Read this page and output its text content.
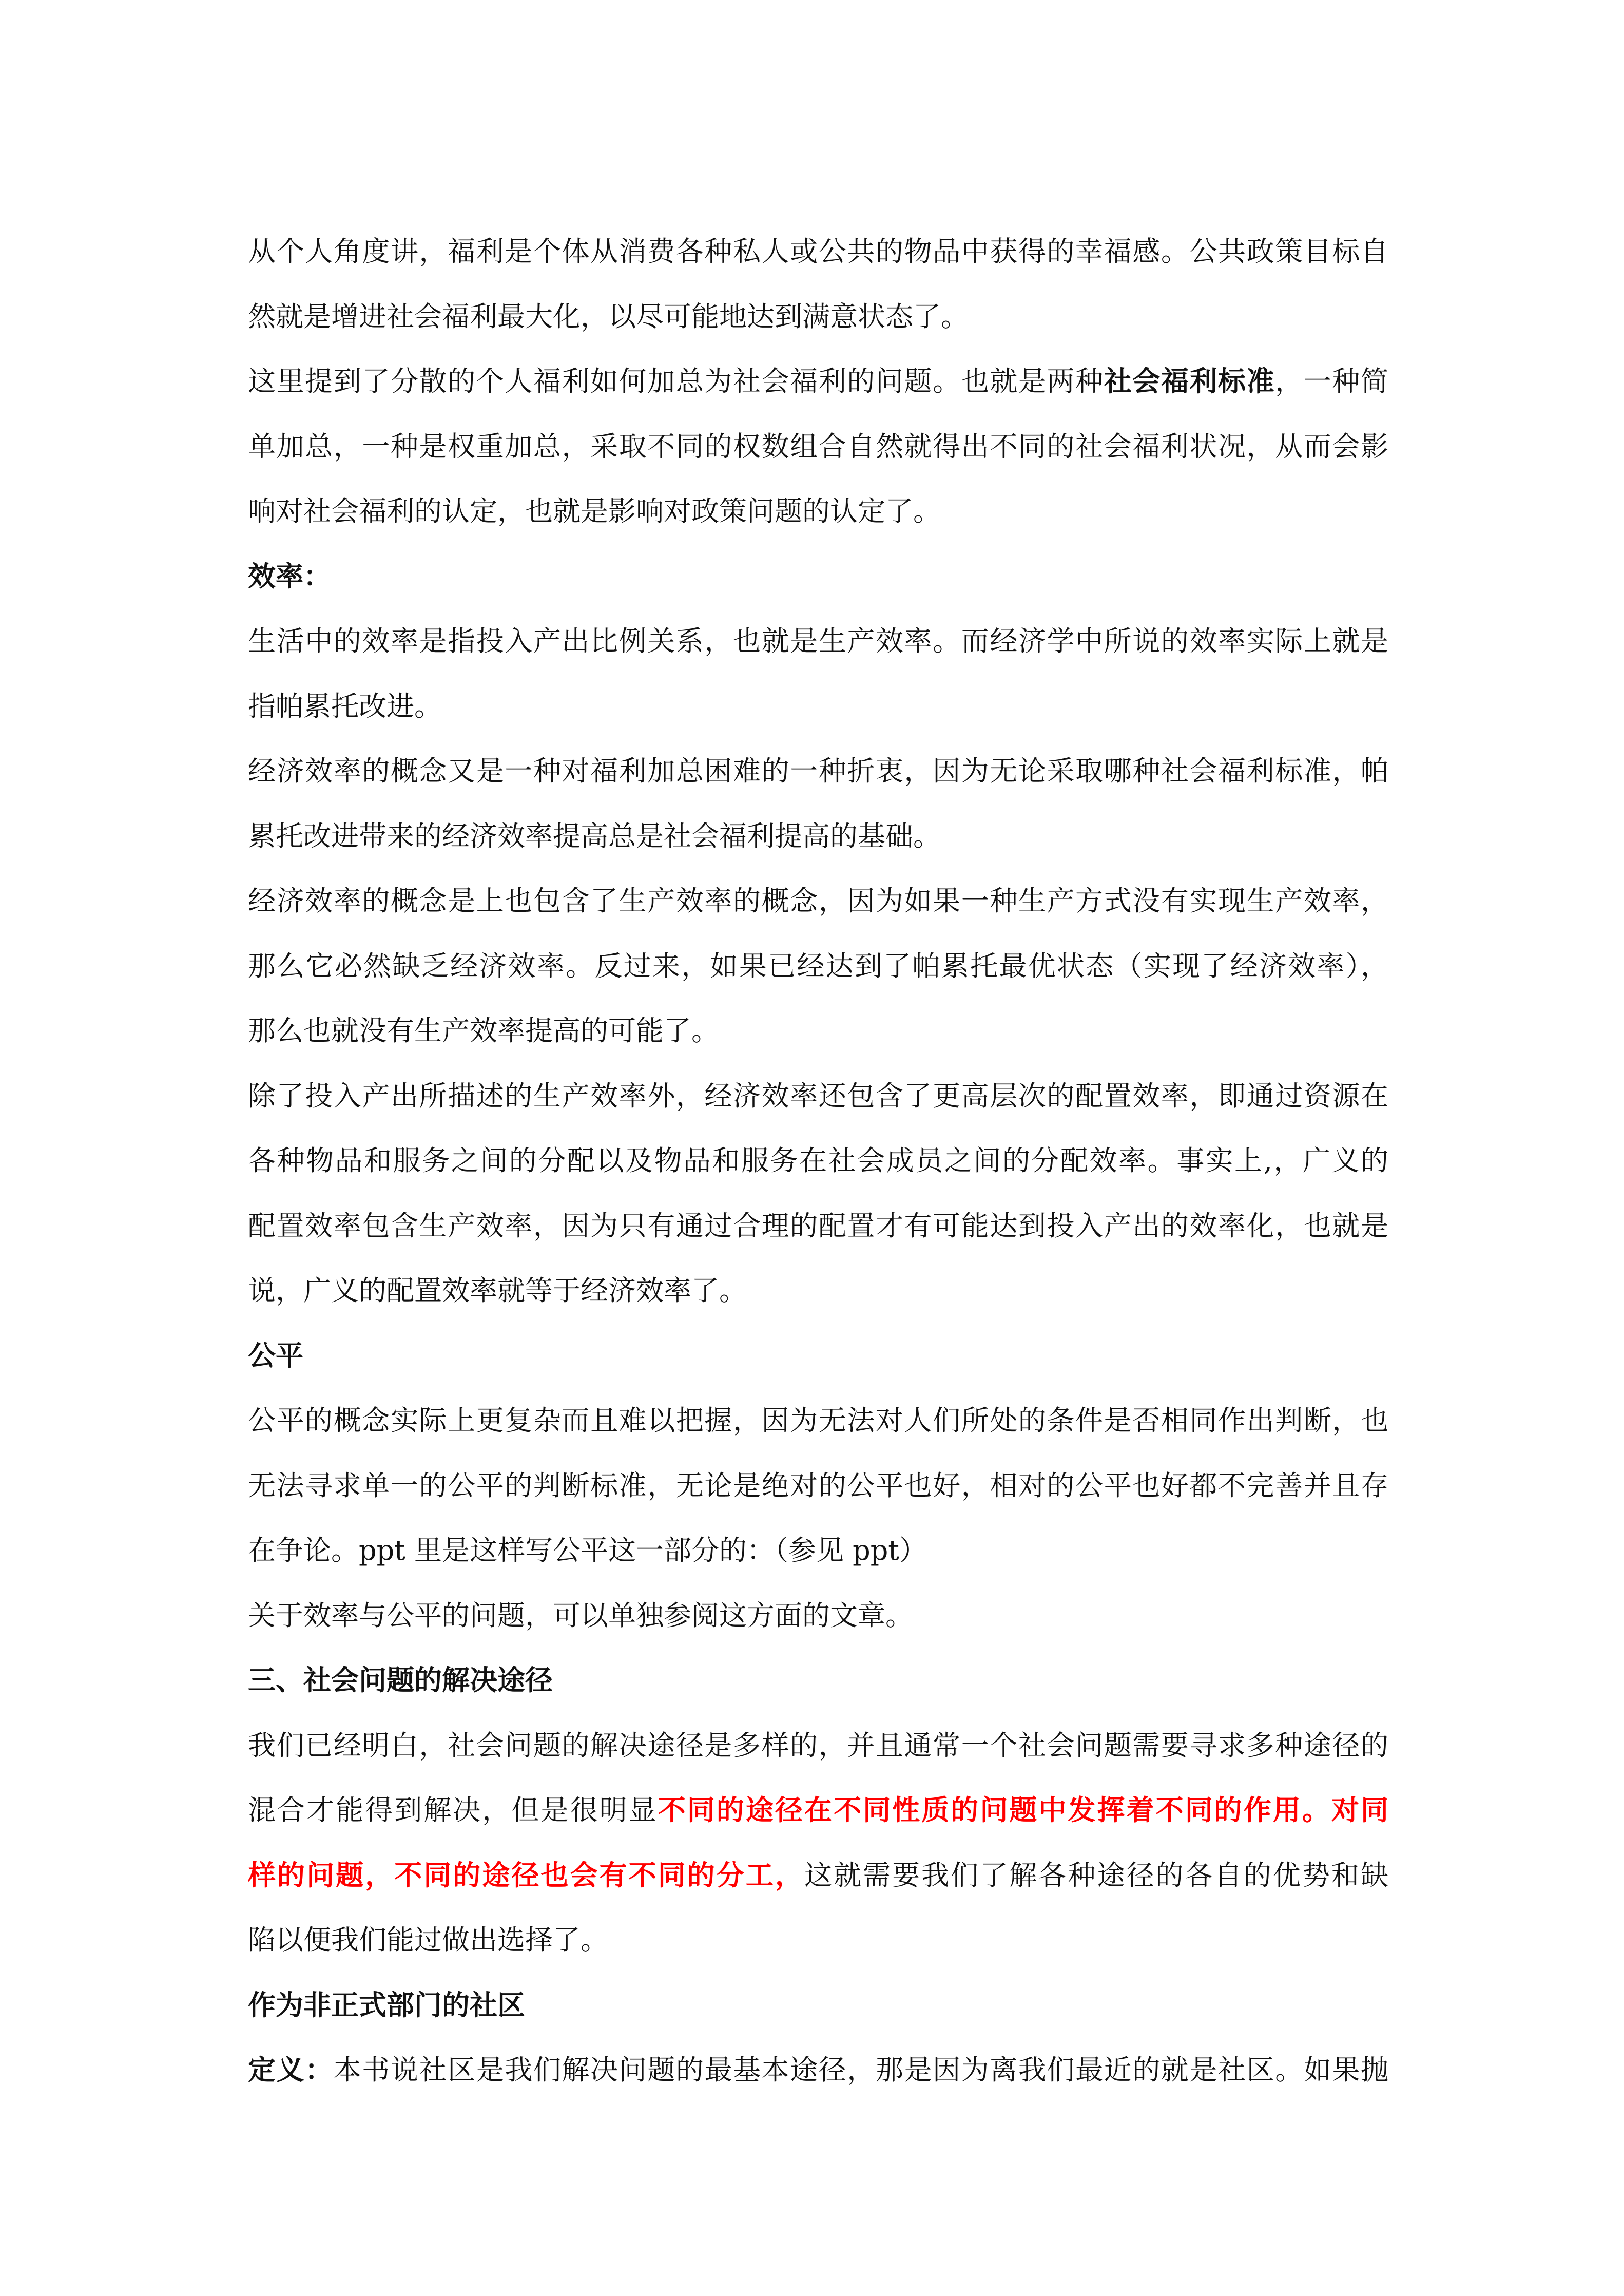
从个人角度讲，福利是个体从消费各种私人或公共的物品中获得的幸福感。公共政策目标自
然就是增进社会福利最大化，以尽可能地达到满意状态了。
这里提到了分散的个人福利如何加总为社会福利的问题。也就是两种社会福利标准，一种简
单加总，一种是权重加总，采取不同的权数组合自然就得出不同的社会福利状况，从而会影
响对社会福利的认定，也就是影响对政策问题的认定了。
效率：
生活中的效率是指投入产出比例关系，也就是生产效率。而经济学中所说的效率实际上就是
指帕累托改进。
经济效率的概念又是一种对福利加总困难的一种折衷，因为无论采取哪种社会福利标准，帕
累托改进带来的经济效率提高总是社会福利提高的基础。
经济效率的概念是上也包含了生产效率的概念，因为如果一种生产方式没有实现生产效率，
那么它必然缺乏经济效率。反过来，如果已经达到了帕累托最优状态（实现了经济效率），
那么也就没有生产效率提高的可能了。
除了投入产出所描述的生产效率外，经济效率还包含了更高层次的配置效率，即通过资源在
各种物品和服务之间的分配以及物品和服务在社会成员之间的分配效率。事实上,，广义的
配置效率包含生产效率，因为只有通过合理的配置才有可能达到投入产出的效率化，也就是
说，广义的配置效率就等于经济效率了。
公平
公平的概念实际上更复杂而且难以把握，因为无法对人们所处的条件是否相同作出判断，也
无法寻求单一的公平的判断标准，无论是绝对的公平也好，相对的公平也好都不完善并且存
在争论。ppt 里是这样写公平这一部分的：（参见 ppt）
关于效率与公平的问题，可以单独参阅这方面的文章。
三、社会问题的解决途径
我们已经明白，社会问题的解决途径是多样的，并且通常一个社会问题需要寻求多种途径的
混合才能得到解决，但是很明显不同的途径在不同性质的问题中发挥着不同的作用。对同
样的问题，不同的途径也会有不同的分工，这就需要我们了解各种途径的各自的优势和缺
陷以便我们能过做出选择了。
作为非正式部门的社区
定义：本书说社区是我们解决问题的最基本途径，那是因为离我们最近的就是社区。如果抛
